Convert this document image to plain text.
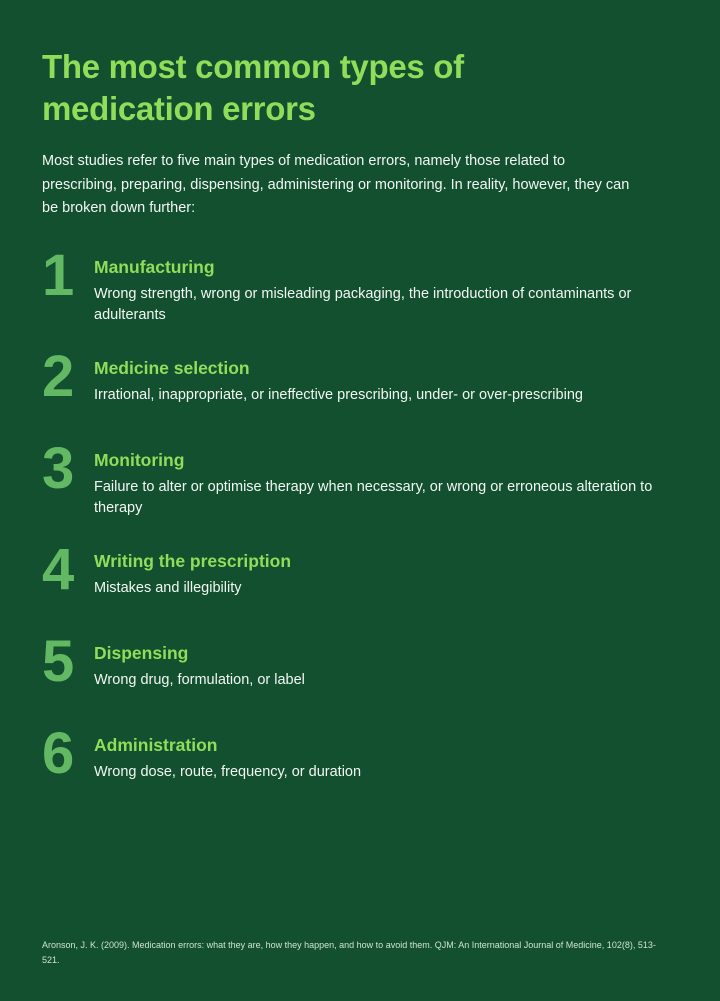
The most common types of medication errors

Most studies refer to five main types of medication errors, namely those related to prescribing, preparing, dispensing, administering or monitoring. In reality, however, they can be broken down further:

1	Manufacturing
Wrong strength, wrong or misleading packaging, the introduction of contaminants or adulterants
2	Medicine selection
Irrational, inappropriate, or ineffective prescribing, under- or over-prescribing
3	Monitoring
Failure to alter or optimise therapy when necessary, or wrong or erroneous alteration to therapy
4	Writing the prescription
Mistakes and illegibility
5	Dispensing
Wrong drug, formulation, or label
6	Administration
Wrong dose, route, frequency, or duration
Aronson, J. K. (2009). Medication errors: what they are, how they happen, and how to avoid them. QJM: An International Journal of Medicine, 102(8), 513-521.
